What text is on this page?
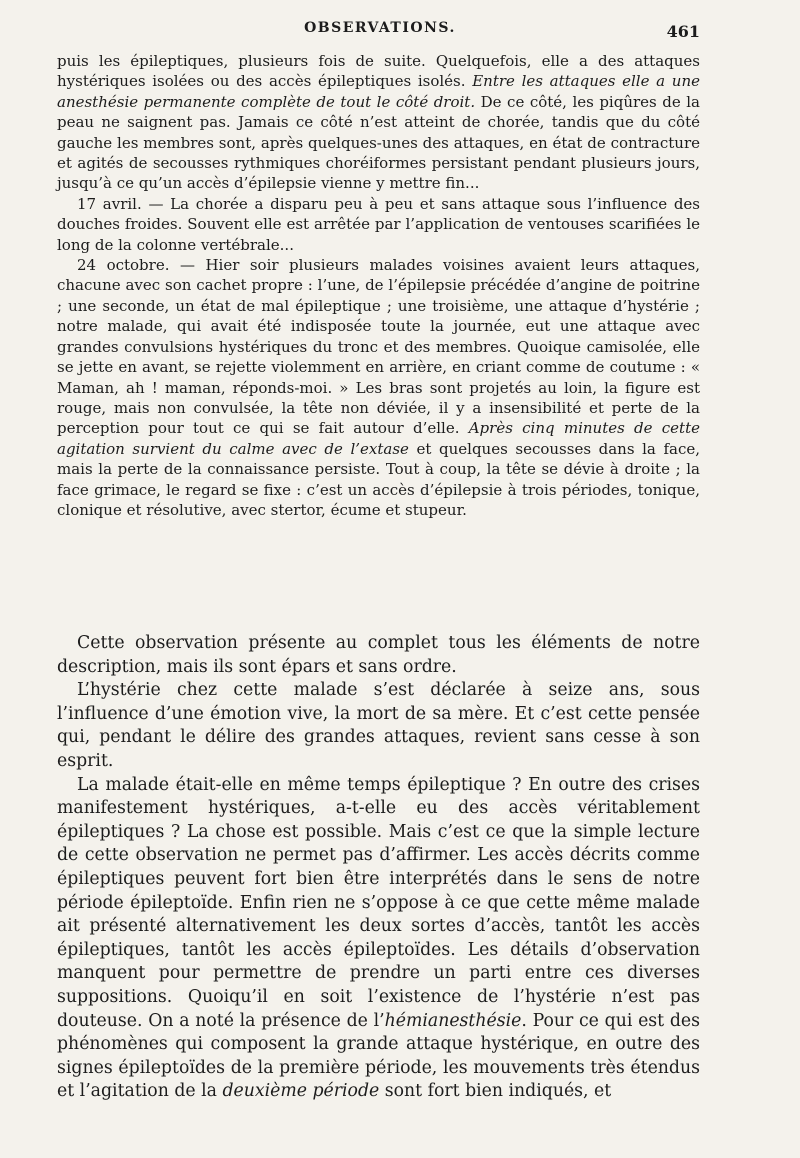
OBSERVATIONS.	461

puis les épileptiques, plusieurs fois de suite. Quelquefois, elle a des attaques hystériques isolées ou des accès épileptiques isolés. Entre les attaques elle a une anesthésie permanente complète de tout le côté droit. De ce côté, les piqûres de la peau ne saignent pas. Jamais ce côté n’est atteint de chorée, tandis que du côté gauche les membres sont, après quelques-unes des attaques, en état de contracture et agités de secousses rythmiques choréiformes persistant pendant plusieurs jours, jusqu’à ce qu’un accès d’épilepsie vienne y mettre fin...

17 avril. — La chorée a disparu peu à peu et sans attaque sous l’influence des douches froides. Souvent elle est arrêtée par l’application de ventouses scarifiées le long de la colonne vertébrale...

24 octobre. — Hier soir plusieurs malades voisines avaient leurs attaques, chacune avec son cachet propre : l’une, de l’épilepsie précédée d’angine de poitrine ; une seconde, un état de mal épileptique ; une troisième, une attaque d’hystérie ; notre malade, qui avait été indisposée toute la journée, eut une attaque avec grandes convulsions hystériques du tronc et des membres. Quoique camisolée, elle se jette en avant, se rejette violemment en arrière, en criant comme de coutume : « Maman, ah ! maman, réponds-moi. » Les bras sont projetés au loin, la figure est rouge, mais non convulsée, la tête non déviée, il y a insensibilité et perte de la perception pour tout ce qui se fait autour d’elle. Après cinq minutes de cette agitation survient du calme avec de l’extase et quelques secousses dans la face, mais la perte de la connaissance persiste. Tout à coup, la tête se dévie à droite ; la face grimace, le regard se fixe : c’est un accès d’épilepsie à trois périodes, tonique, clonique et résolutive, avec stertor, écume et stupeur.

Cette observation présente au complet tous les éléments de notre description, mais ils sont épars et sans ordre.

L’hystérie chez cette malade s’est déclarée à seize ans, sous l’influence d’une émotion vive, la mort de sa mère. Et c’est cette pensée qui, pendant le délire des grandes attaques, revient sans cesse à son esprit.

La malade était-elle en même temps épileptique ? En outre des crises manifestement hystériques, a-t-elle eu des accès véritablement épileptiques ? La chose est possible. Mais c’est ce que la simple lecture de cette observation ne permet pas d’affirmer. Les accès décrits comme épileptiques peuvent fort bien être interprétés dans le sens de notre période épileptoïde. Enfin rien ne s’oppose à ce que cette même malade ait présenté alternativement les deux sortes d’accès, tantôt les accès épileptiques, tantôt les accès épileptoïdes. Les détails d’observation manquent pour permettre de prendre un parti entre ces diverses suppositions. Quoiqu’il en soit l’existence de l’hystérie n’est pas douteuse. On a noté la présence de l’hémianesthésie. Pour ce qui est des phénomènes qui composent la grande attaque hystérique, en outre des signes épileptoïdes de la première période, les mouvements très étendus et l’agitation de la deuxième période sont fort bien indiqués, et
